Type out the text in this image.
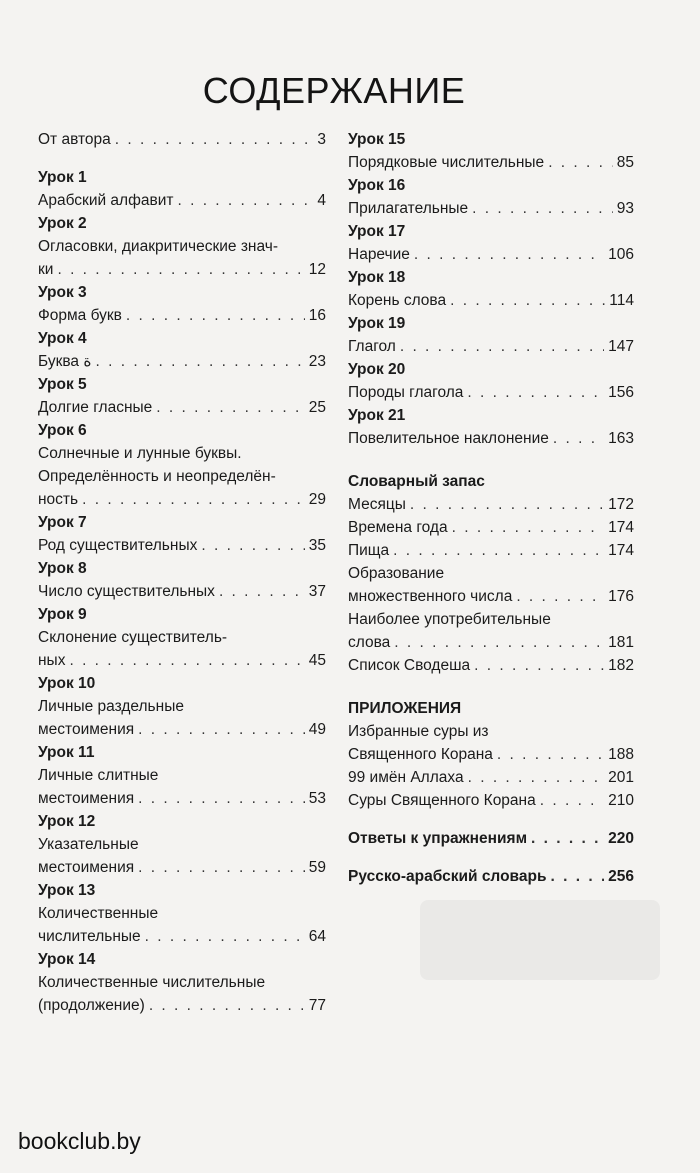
СОДЕРЖАНИЕ
От автора . . .	3
Урок 1
Арабский алфавит . . .	4
Урок 2
Огласовки, диакритические знач-
ки . . .	12
Урок 3
Форма букв . . .	16
Урок 4
Буква ة . . .	23
Урок 5
Долгие гласные . . .	25
Урок 6
Солнечные и лунные буквы.
Определённость и неопределён-
ность . . .	29
Урок 7
Род существительных . . .	35
Урок 8
Число существительных . . .	37
Урок 9
Склонение существитель-
ных . . .	45
Урок 10
Личные раздельные
местоимения . . .	49
Урок 11
Личные слитные
местоимения . . .	53
Урок 12
Указательные
местоимения . . .	59
Урок 13
Количественные
числительные . . .	64
Урок 14
Количественные числительные
(продолжение) . . .	77
Урок 15
Порядковые числительные . . .	85
Урок 16
Прилагательные . . .	93
Урок 17
Наречие . . .	106
Урок 18
Корень слова . . .	114
Урок 19
Глагол . . .	147
Урок 20
Породы глагола . . .	156
Урок 21
Повелительное наклонение . . .	163
Словарный запас
Месяцы . . .	172
Времена года . . .	174
Пища . . .	174
Образование
множественного числа . . .	176
Наиболее употребительные
слова . . .	181
Список Сводеша . . .	182
ПРИЛОЖЕНИЯ
Избранные суры из
Священного Корана . . .	188
99 имён Аллаха . . .	201
Суры Священного Корана . . .	210
Ответы к упражнениям . . .	220
Русско-арабский словарь . . .	256
bookclub.by
